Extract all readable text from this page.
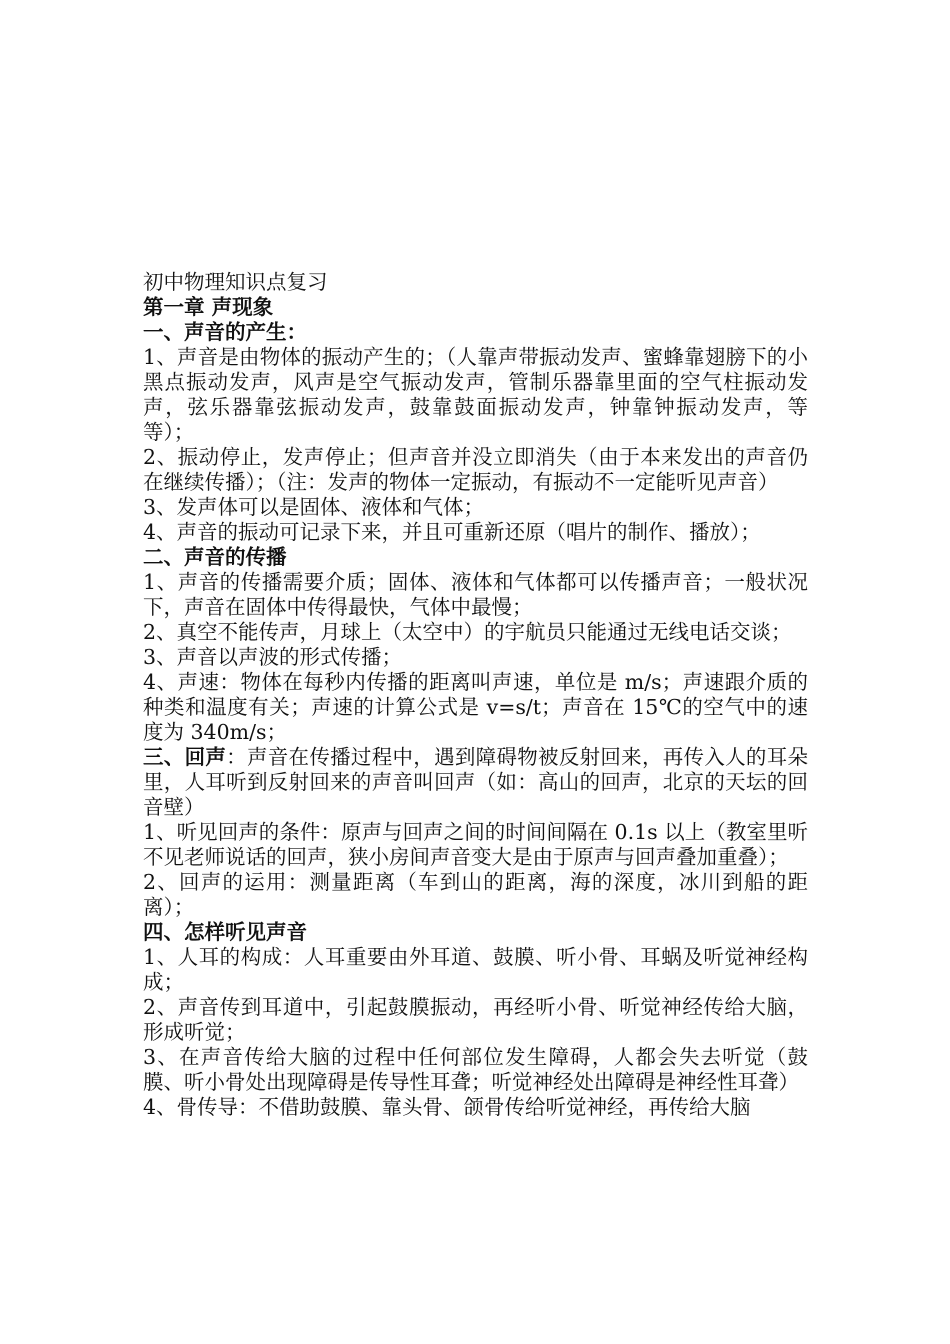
初中物理知识点复习

第一章 声现象

一、声音的产生：

1、声音是由物体的振动产生的；（人靠声带振动发声、蜜蜂靠翅膀下的小黑点振动发声，风声是空气振动发声，管制乐器靠里面的空气柱振动发声，弦乐器靠弦振动发声，鼓靠鼓面振动发声，钟靠钟振动发声，等等）；

2、振动停止，发声停止；但声音并没立即消失（由于本来发出的声音仍在继续传播）；（注：发声的物体一定振动，有振动不一定能听见声音）

3、发声体可以是固体、液体和气体；

4、声音的振动可记录下来，并且可重新还原（唱片的制作、播放）；

二、声音的传播

1、声音的传播需要介质；固体、液体和气体都可以传播声音；一般状况下，声音在固体中传得最快，气体中最慢；

2、真空不能传声，月球上（太空中）的宇航员只能通过无线电话交谈；

3、声音以声波的形式传播；

4、声速：物体在每秒内传播的距离叫声速，单位是 m/s；声速跟介质的种类和温度有关；声速的计算公式是 v=s/t；声音在 15℃的空气中的速度为 340m/s；

三、回声：声音在传播过程中，遇到障碍物被反射回来，再传入人的耳朵里，人耳听到反射回来的声音叫回声（如：高山的回声，北京的天坛的回音壁）

1、听见回声的条件：原声与回声之间的时间间隔在 0.1s 以上（教室里听不见老师说话的回声，狭小房间声音变大是由于原声与回声叠加重叠）；

2、回声的运用：测量距离（车到山的距离，海的深度，冰川到船的距离）；

四、怎样听见声音

1、人耳的构成：人耳重要由外耳道、鼓膜、听小骨、耳蜗及听觉神经构成；

2、声音传到耳道中，引起鼓膜振动，再经听小骨、听觉神经传给大脑，形成听觉；

3、在声音传给大脑的过程中任何部位发生障碍，人都会失去听觉（鼓膜、听小骨处出现障碍是传导性耳聋；听觉神经处出障碍是神经性耳聋）

4、骨传导：不借助鼓膜、靠头骨、颌骨传给听觉神经，再传给大脑
